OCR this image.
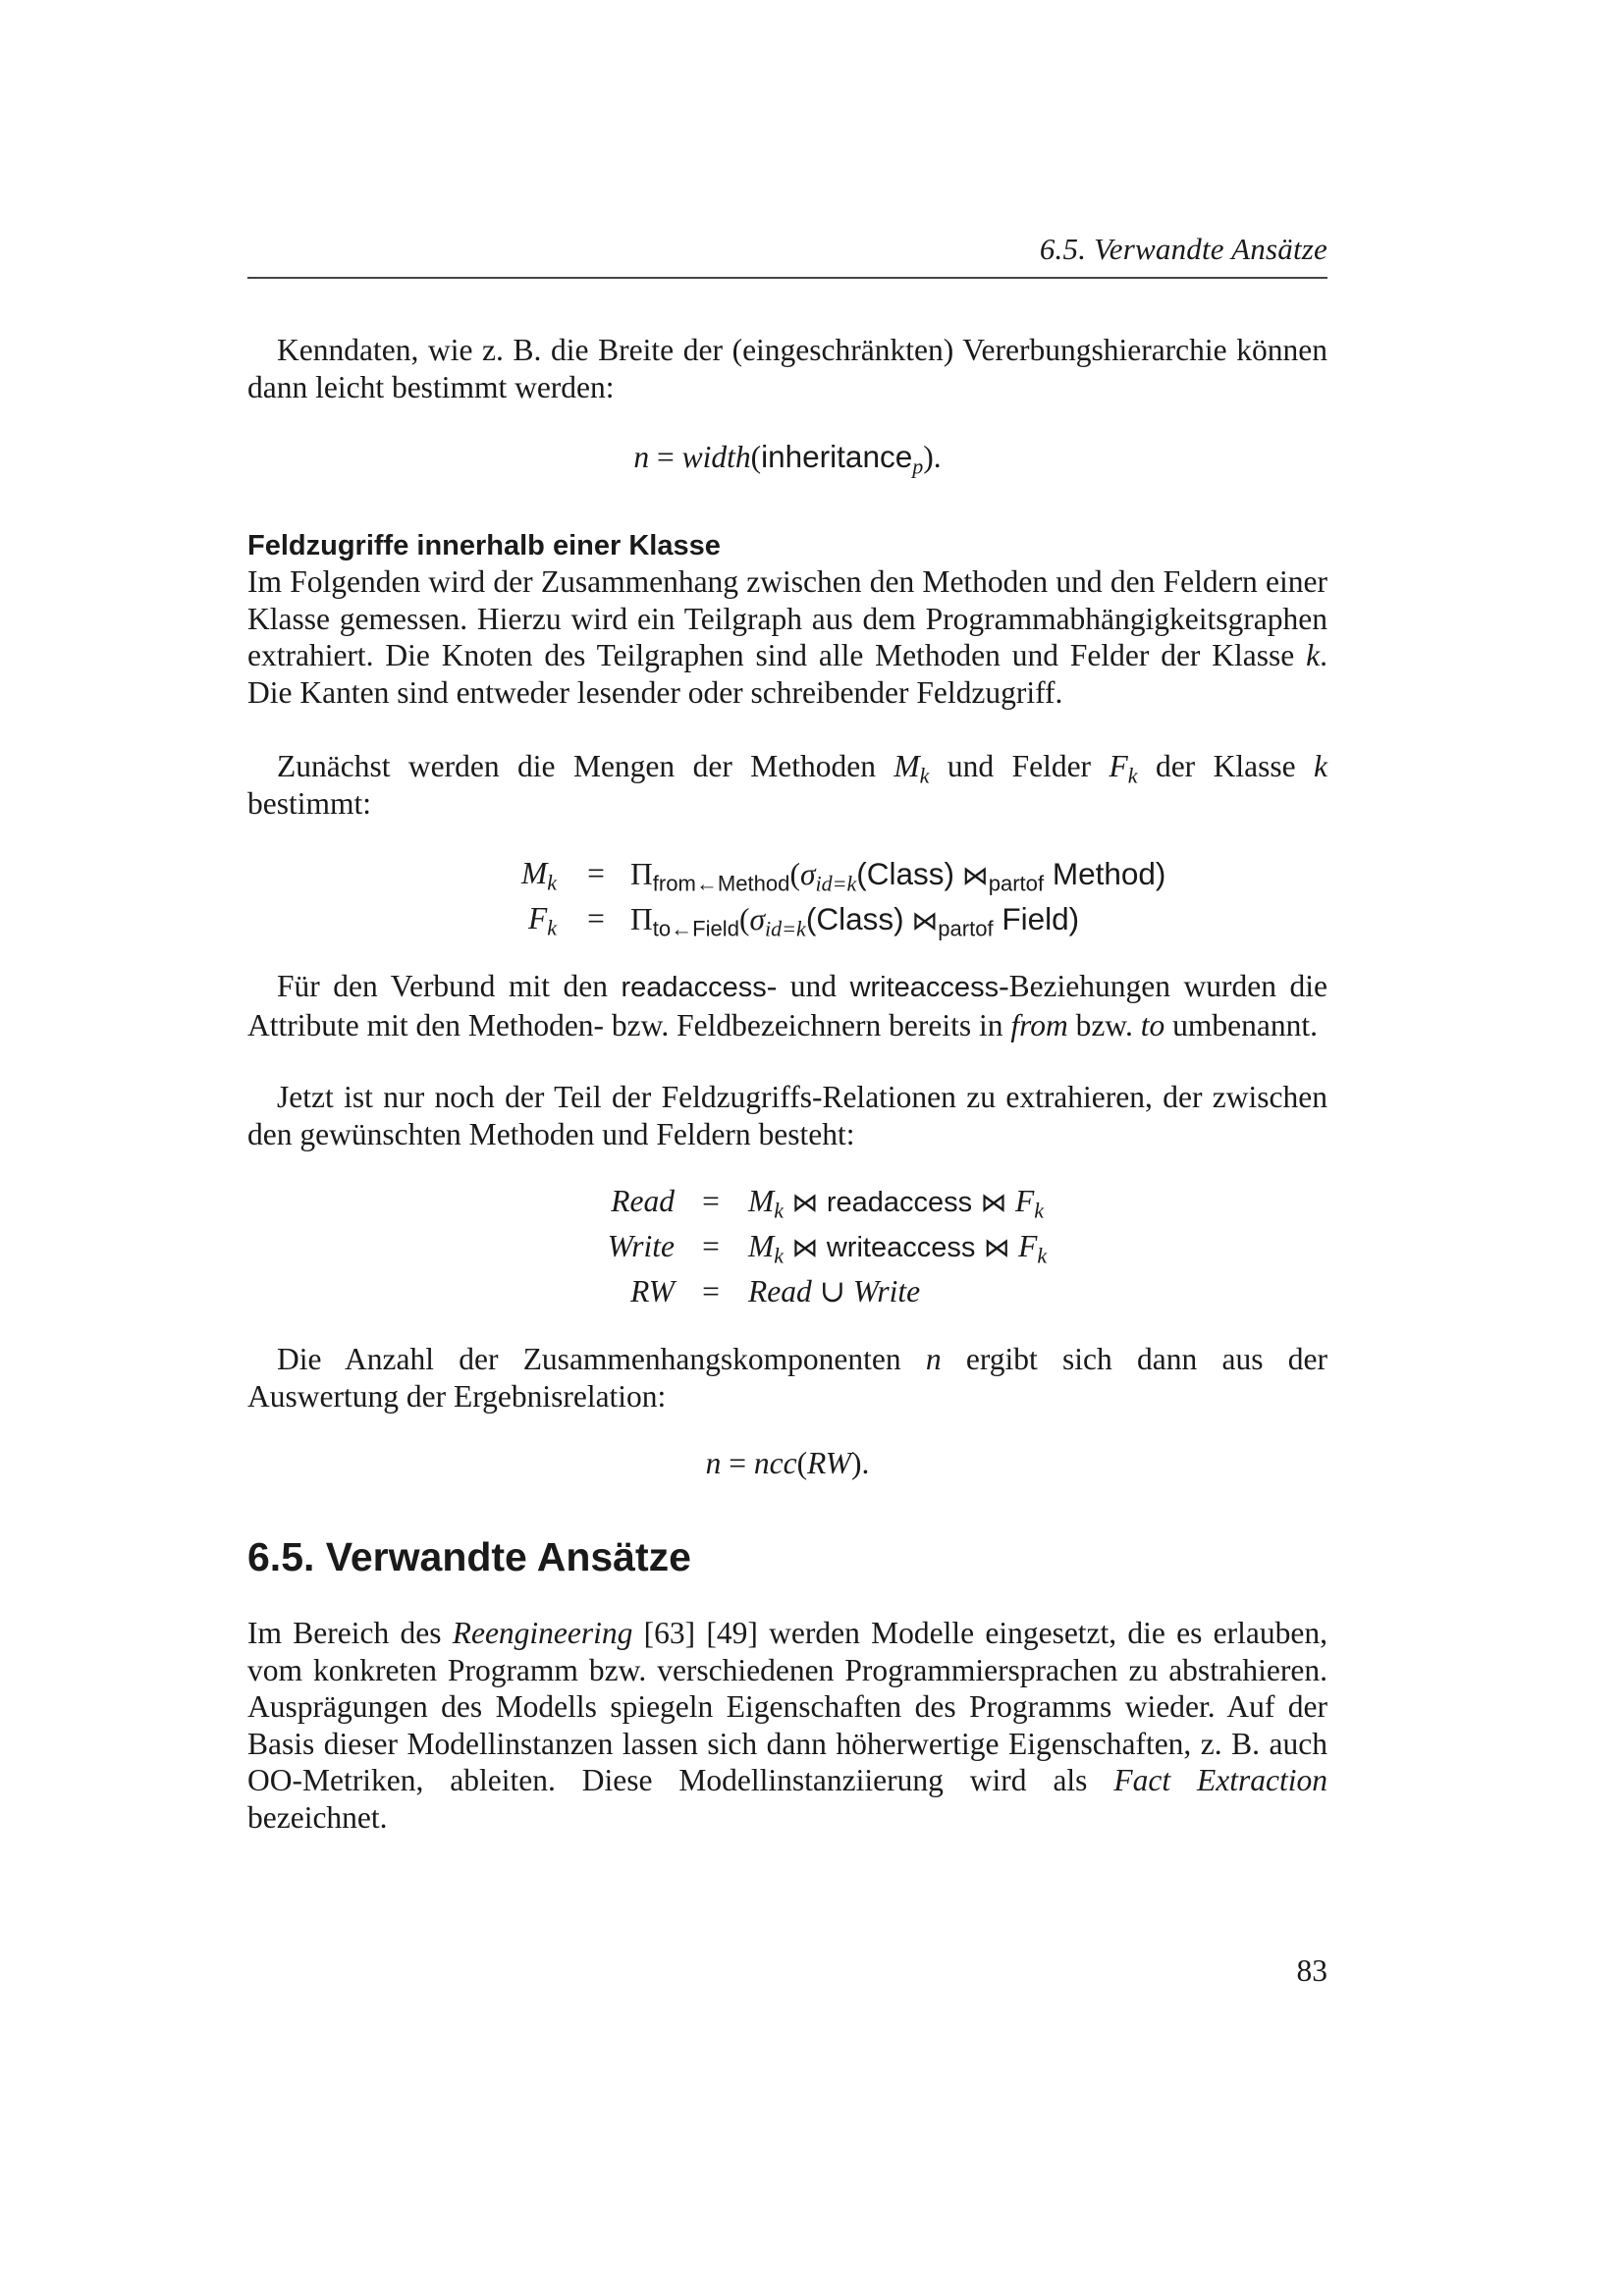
6.5. Verwandte Ansätze

Kenndaten, wie z. B. die Breite der (eingeschränkten) Vererbungshierarchie können dann leicht bestimmt werden:

n = width(inheritance$_p$).

Feldzugriffe innerhalb einer Klasse

Im Folgenden wird der Zusammenhang zwischen den Methoden und den Feldern einer Klasse gemessen. Hierzu wird ein Teilgraph aus dem Programmabhängigkeitsgraphen extrahiert. Die Knoten des Teilgraphen sind alle Methoden und Felder der Klasse k. Die Kanten sind entweder lesender oder schreibender Feldzugriff.

Zunächst werden die Mengen der Methoden $M_k$ und Felder $F_k$ der Klasse k bestimmt:

$M_k$ = $\Pi_{from\leftarrow Method}(\sigma_{id=k}(Class)$ $⋈_{partof}$ Method)
$F_k$ = $\Pi_{to\leftarrow Field}(\sigma_{id=k}(Class)$ $⋈_{partof}$ Field)

Für den Verbund mit den readaccess- und writeaccess-Beziehungen wurden die Attribute mit den Methoden- bzw. Feldbezeichnern bereits in from bzw. to umbenannt.

Jetzt ist nur noch der Teil der Feldzugriffs-Relationen zu extrahieren, der zwischen den gewünschten Methoden und Feldern besteht:

Read = $M_k$ ⋈ readaccess ⋈ $F_k$
Write = $M_k$ ⋈ writeaccess ⋈ $F_k$
RW = Read ∪ Write

Die Anzahl der Zusammenhangskomponenten n ergibt sich dann aus der Auswertung der Ergebnisrelation:

n = ncc(RW).
6.5. Verwandte Ansätze

Im Bereich des Reengineering [63] [49] werden Modelle eingesetzt, die es erlauben, vom konkreten Programm bzw. verschiedenen Programmiersprachen zu abstrahieren. Ausprägungen des Modells spiegeln Eigenschaften des Programms wieder. Auf der Basis dieser Modellinstanzen lassen sich dann höherwertige Eigenschaften, z. B. auch OO-Metriken, ableiten. Diese Modellinstanziierung wird als Fact Extraction bezeichnet.

83
